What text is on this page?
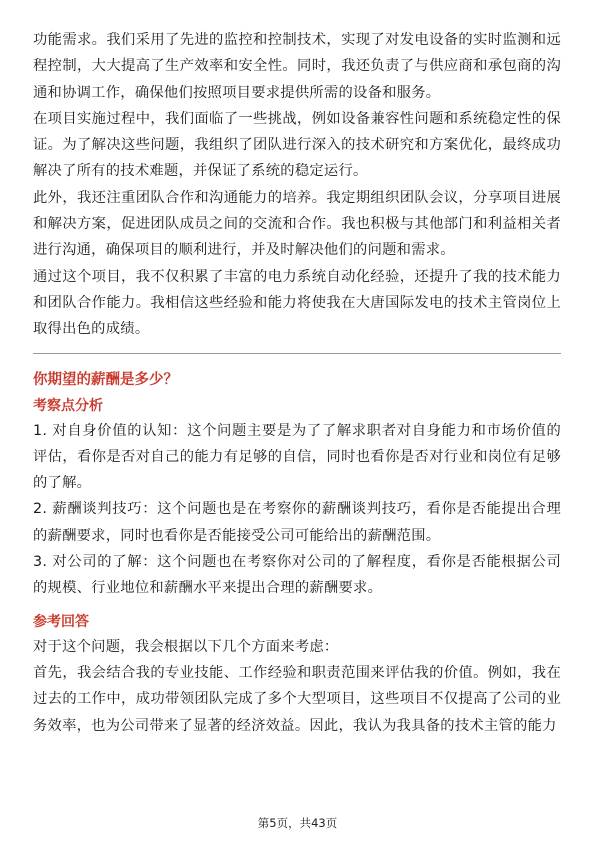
功能需求。我们采用了先进的监控和控制技术，实现了对发电设备的实时监测和远程控制，大大提高了生产效率和安全性。同时，我还负责了与供应商和承包商的沟通和协调工作，确保他们按照项目要求提供所需的设备和服务。

在项目实施过程中，我们面临了一些挑战，例如设备兼容性问题和系统稳定性的保证。为了解决这些问题，我组织了团队进行深入的技术研究和方案优化，最终成功解决了所有的技术难题，并保证了系统的稳定运行。

此外，我还注重团队合作和沟通能力的培养。我定期组织团队会议，分享项目进展和解决方案，促进团队成员之间的交流和合作。我也积极与其他部门和利益相关者进行沟通，确保项目的顺利进行，并及时解决他们的问题和需求。

通过这个项目，我不仅积累了丰富的电力系统自动化经验，还提升了我的技术能力和团队合作能力。我相信这些经验和能力将使我在大唐国际发电的技术主管岗位上取得出色的成绩。

你期望的薪酬是多少？
考察点分析

1. 对自身价值的认知：这个问题主要是为了了解求职者对自身能力和市场价值的评估，看你是否对自己的能力有足够的自信，同时也看你是否对行业和岗位有足够的了解。

2. 薪酬谈判技巧：这个问题也是在考察你的薪酬谈判技巧，看你是否能提出合理的薪酬要求，同时也看你是否能接受公司可能给出的薪酬范围。

3. 对公司的了解：这个问题也在考察你对公司的了解程度，看你是否能根据公司的规模、行业地位和薪酬水平来提出合理的薪酬要求。

参考回答

对于这个问题，我会根据以下几个方面来考虑：

首先，我会结合我的专业技能、工作经验和职责范围来评估我的价值。例如，我在过去的工作中，成功带领团队完成了多个大型项目，这些项目不仅提高了公司的业务效率，也为公司带来了显著的经济效益。因此，我认为我具备的技术主管的能力

第5页，共43页
